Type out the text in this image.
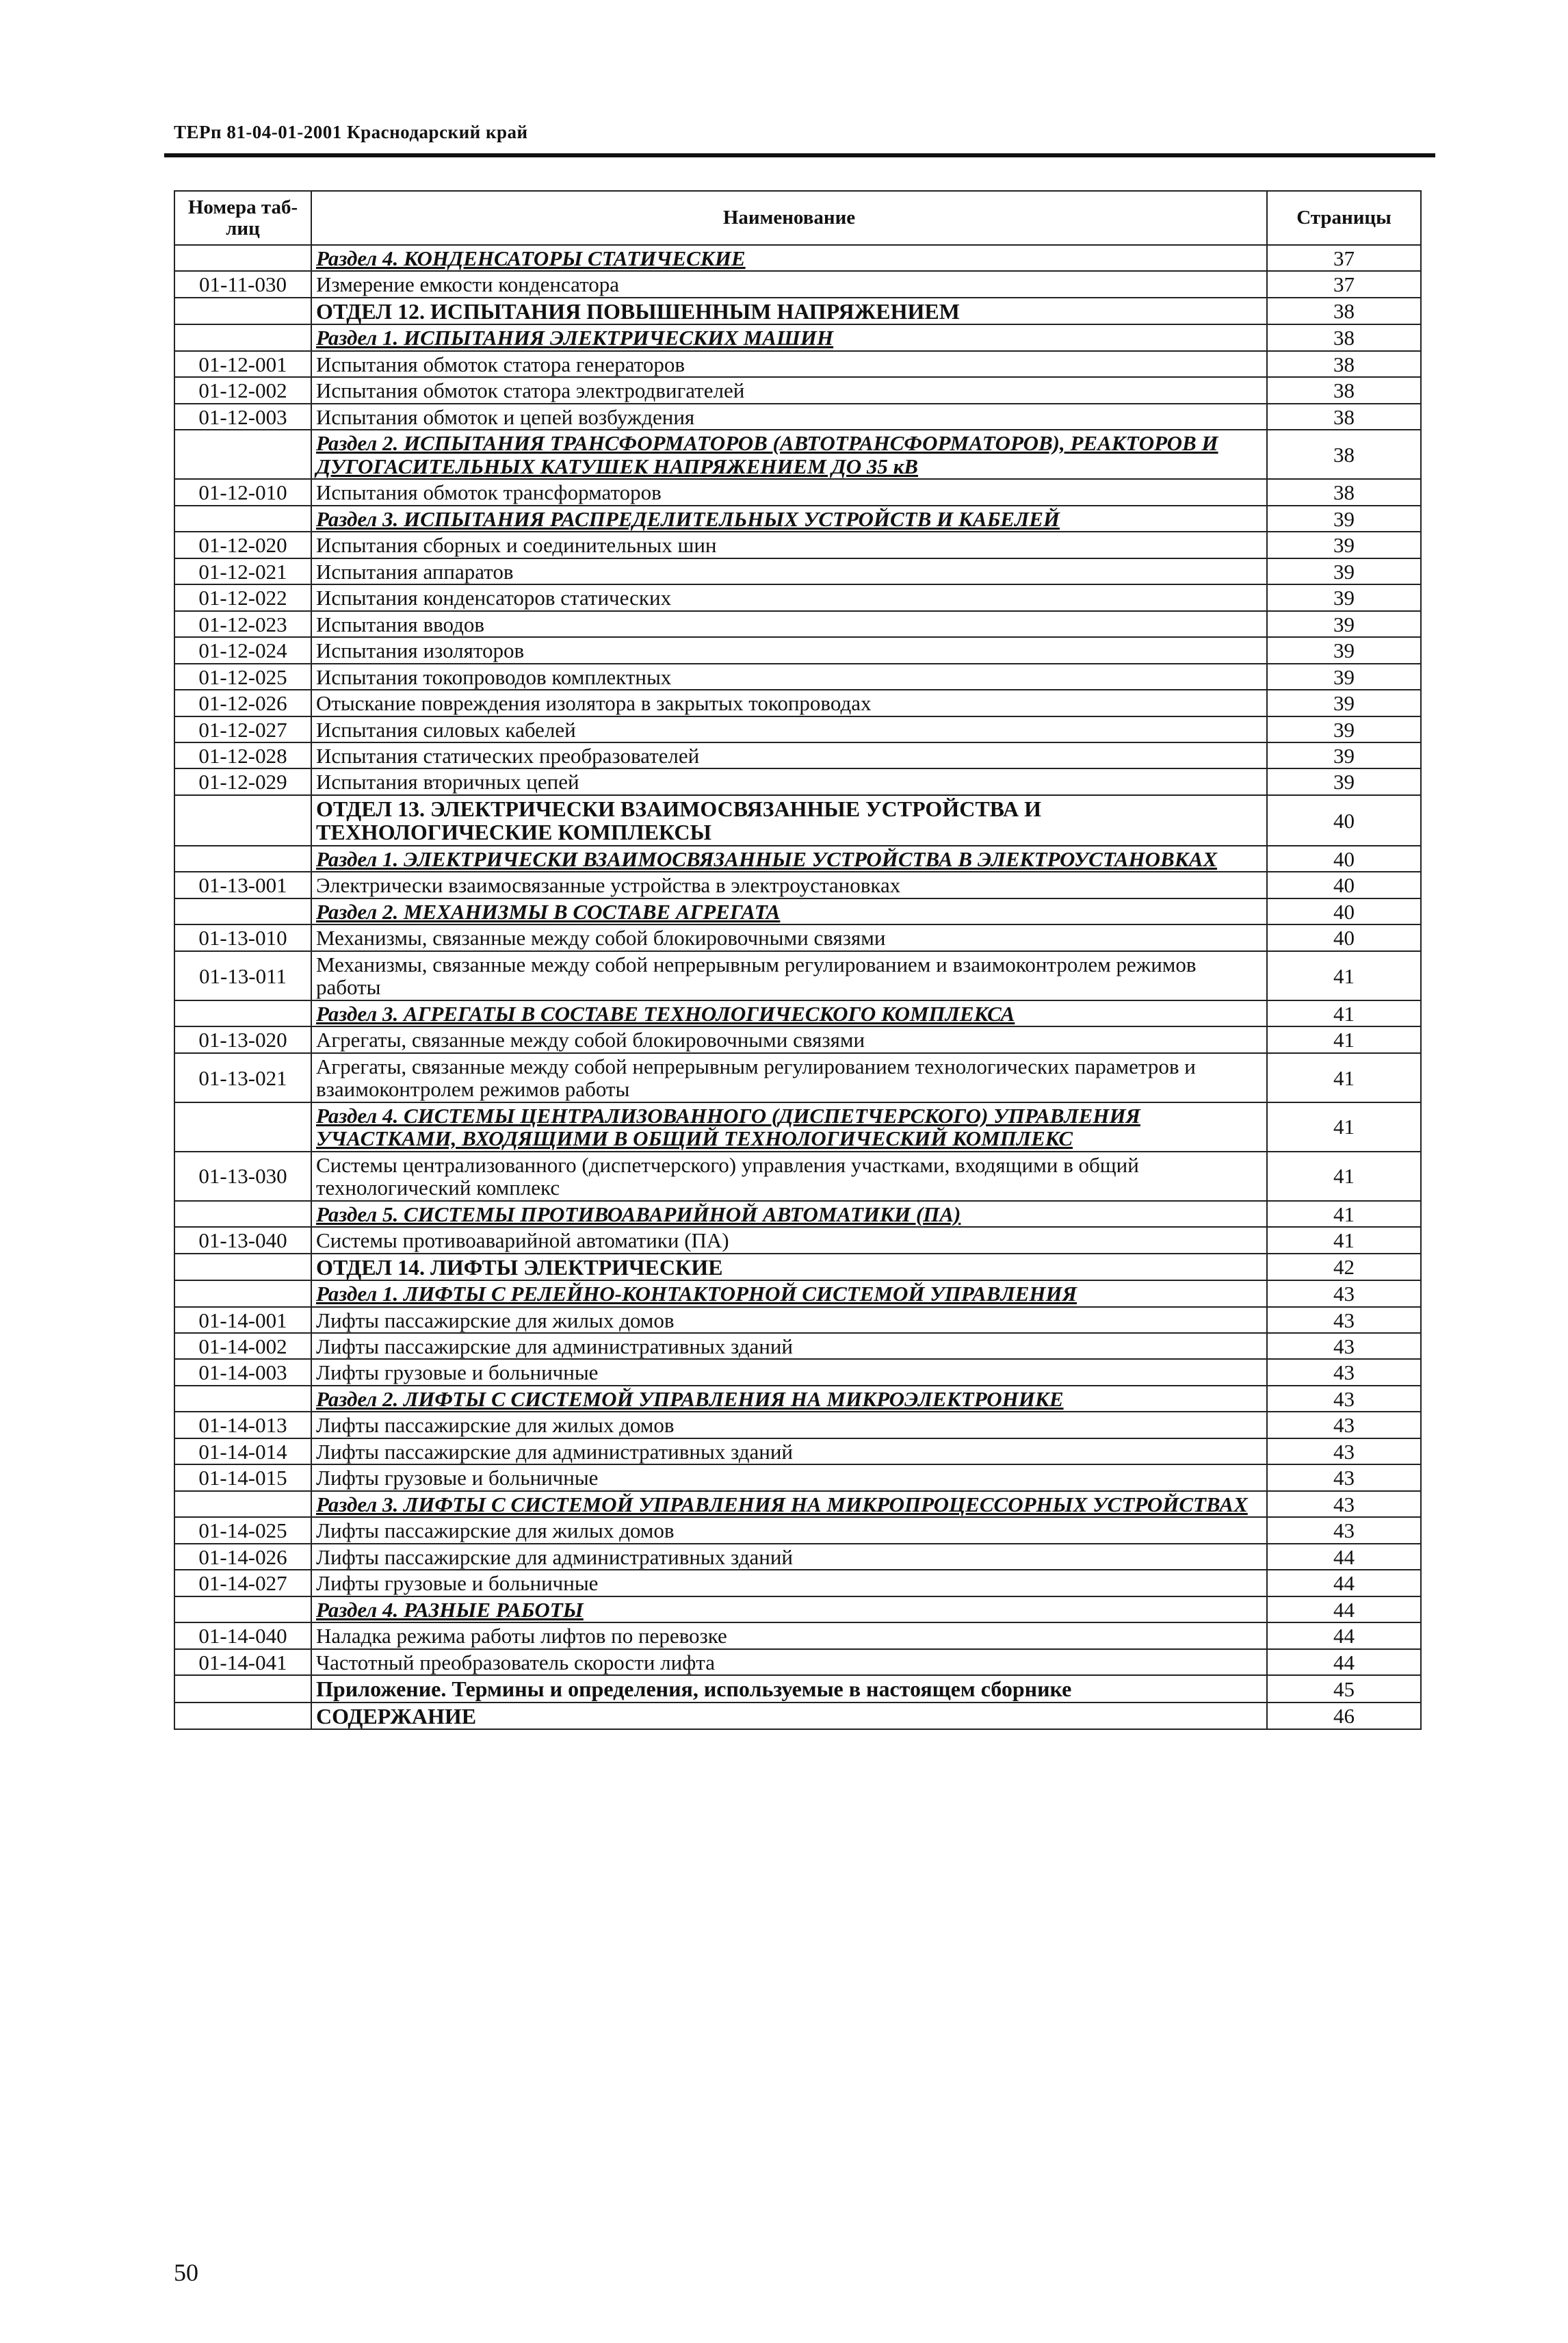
ТЕРп 81-04-01-2001 Краснодарский край
Номера таб-лиц	Наименование	Страницы
	Раздел 4. КОНДЕНСАТОРЫ СТАТИЧЕСКИЕ	37
01-11-030	Измерение емкости конденсатора	37
	ОТДЕЛ 12. ИСПЫТАНИЯ ПОВЫШЕННЫМ НАПРЯЖЕНИЕМ	38
	Раздел 1. ИСПЫТАНИЯ ЭЛЕКТРИЧЕСКИХ МАШИН	38
01-12-001	Испытания обмоток статора генераторов	38
01-12-002	Испытания обмоток статора электродвигателей	38
01-12-003	Испытания обмоток и цепей возбуждения	38
	Раздел 2. ИСПЫТАНИЯ ТРАНСФОРМАТОРОВ (АВТОТРАНСФОРМАТОРОВ), РЕАКТОРОВ И ДУГОГАСИТЕЛЬНЫХ КАТУШЕК НАПРЯЖЕНИЕМ ДО 35 кВ	38
01-12-010	Испытания обмоток трансформаторов	38
	Раздел 3. ИСПЫТАНИЯ РАСПРЕДЕЛИТЕЛЬНЫХ УСТРОЙСТВ И КАБЕЛЕЙ	39
01-12-020	Испытания сборных и соединительных шин	39
01-12-021	Испытания аппаратов	39
01-12-022	Испытания конденсаторов статических	39
01-12-023	Испытания вводов	39
01-12-024	Испытания изоляторов	39
01-12-025	Испытания токопроводов комплектных	39
01-12-026	Отыскание повреждения изолятора в закрытых токопроводах	39
01-12-027	Испытания силовых кабелей	39
01-12-028	Испытания статических преобразователей	39
01-12-029	Испытания вторичных цепей	39
	ОТДЕЛ 13. ЭЛЕКТРИЧЕСКИ ВЗАИМОСВЯЗАННЫЕ УСТРОЙСТВА И ТЕХНОЛОГИЧЕСКИЕ КОМПЛЕКСЫ	40
	Раздел 1. ЭЛЕКТРИЧЕСКИ ВЗАИМОСВЯЗАННЫЕ УСТРОЙСТВА В ЭЛЕКТРОУСТАНОВКАХ	40
01-13-001	Электрически взаимосвязанные устройства в электроустановках	40
	Раздел 2. МЕХАНИЗМЫ В СОСТАВЕ АГРЕГАТА	40
01-13-010	Механизмы, связанные между собой блокировочными связями	40
01-13-011	Механизмы, связанные между собой непрерывным регулированием и взаимоконтролем режимов работы	41
	Раздел 3. АГРЕГАТЫ В СОСТАВЕ ТЕХНОЛОГИЧЕСКОГО КОМПЛЕКСА	41
01-13-020	Агрегаты, связанные между собой блокировочными связями	41
01-13-021	Агрегаты, связанные между собой непрерывным регулированием технологических параметров и взаимоконтролем режимов работы	41
	Раздел 4. СИСТЕМЫ ЦЕНТРАЛИЗОВАННОГО (ДИСПЕТЧЕРСКОГО) УПРАВЛЕНИЯ УЧАСТКАМИ, ВХОДЯЩИМИ В ОБЩИЙ ТЕХНОЛОГИЧЕСКИЙ КОМПЛЕКС	41
01-13-030	Системы централизованного (диспетчерского) управления участками, входящими в общий технологический комплекс	41
	Раздел 5. СИСТЕМЫ ПРОТИВОАВАРИЙНОЙ АВТОМАТИКИ (ПА)	41
01-13-040	Системы противоаварийной автоматики (ПА)	41
	ОТДЕЛ 14. ЛИФТЫ ЭЛЕКТРИЧЕСКИЕ	42
	Раздел 1. ЛИФТЫ С РЕЛЕЙНО-КОНТАКТОРНОЙ СИСТЕМОЙ УПРАВЛЕНИЯ	43
01-14-001	Лифты пассажирские для жилых домов	43
01-14-002	Лифты пассажирские для административных зданий	43
01-14-003	Лифты грузовые и больничные	43
	Раздел 2. ЛИФТЫ С СИСТЕМОЙ УПРАВЛЕНИЯ НА МИКРОЭЛЕКТРОНИКЕ	43
01-14-013	Лифты пассажирские для жилых домов	43
01-14-014	Лифты пассажирские для административных зданий	43
01-14-015	Лифты грузовые и больничные	43
	Раздел 3. ЛИФТЫ С СИСТЕМОЙ УПРАВЛЕНИЯ НА МИКРОПРОЦЕССОРНЫХ УСТРОЙСТВАХ	43
01-14-025	Лифты пассажирские для жилых домов	43
01-14-026	Лифты пассажирские для административных зданий	44
01-14-027	Лифты грузовые и больничные	44
	Раздел 4. РАЗНЫЕ РАБОТЫ	44
01-14-040	Наладка режима работы лифтов по перевозке	44
01-14-041	Частотный преобразователь скорости лифта	44
	Приложение. Термины и определения, используемые в настоящем сборнике	45
	СОДЕРЖАНИЕ	46
50
